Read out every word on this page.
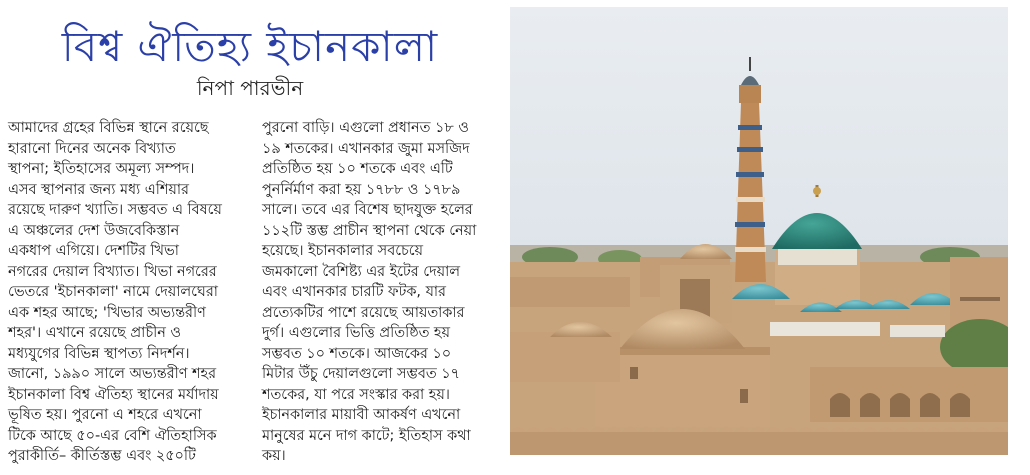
বিশ্ব ঐতিহ্য ইচানকালা
নিপা পারভীন

আমাদের গ্রহের বিভিন্ন স্থানে রয়েছে

হারানো দিনের অনেক বিখ্যাত

স্থাপনা; ইতিহাসের অমূল্য সম্পদ।

এসব স্থাপনার জন্য মধ্য এশিয়ার

রয়েছে দারুণ খ্যাতি। সম্ভবত এ বিষয়ে

এ অঞ্চলের দেশ উজবেকিস্তান

একধাপ এগিয়ে। দেশটির খিভা

নগরের দেয়াল বিখ্যাত। খিভা নগরের

ভেতরে 'ইচানকালা' নামে দেয়ালঘেরা

এক শহর আছে; 'খিভার অভ্যন্তরীণ

শহর'। এখানে রয়েছে প্রাচীন ও

মধ্যযুগের বিভিন্ন স্থাপত্য নিদর্শন।

জানো, ১৯৯০ সালে অভ্যন্তরীণ শহর

ইচানকালা বিশ্ব ঐতিহ্য স্থানের মর্যাদায়

ভূষিত হয়। পুরনো এ শহরে এখনো

টিকে আছে ৫০-এর বেশি ঐতিহাসিক

পুরাকীর্তি– কীর্তিস্তম্ভ এবং ২৫০টি

পুরনো বাড়ি। এগুলো প্রধানত ১৮ ও

১৯ শতকের। এখানকার জুমা মসজিদ

প্রতিষ্ঠিত হয় ১০ শতকে এবং এটি

পুনর্নির্মাণ করা হয় ১৭৮৮ ও ১৭৮৯

সালে। তবে এর বিশেষ ছাদযুক্ত হলের

১১২টি স্তম্ভ প্রাচীন স্থাপনা থেকে নেয়া

হয়েছে। ইচানকালার সবচেয়ে

জমকালো বৈশিষ্ট্য এর ইটের দেয়াল

এবং এখানকার চারটি ফটক, যার

প্রত্যেকটির পাশে রয়েছে আয়তাকার

দুর্গ। এগুলোর ভিত্তি প্রতিষ্ঠিত হয়

সম্ভবত ১০ শতকে। আজকের ১০

মিটার উঁচু দেয়ালগুলো সম্ভবত ১৭

শতকের, যা পরে সংস্কার করা হয়।

ইচানকালার মায়াবী আকর্ষণ এখনো

মানুষের মনে দাগ কাটে; ইতিহাস কথা

কয়।
